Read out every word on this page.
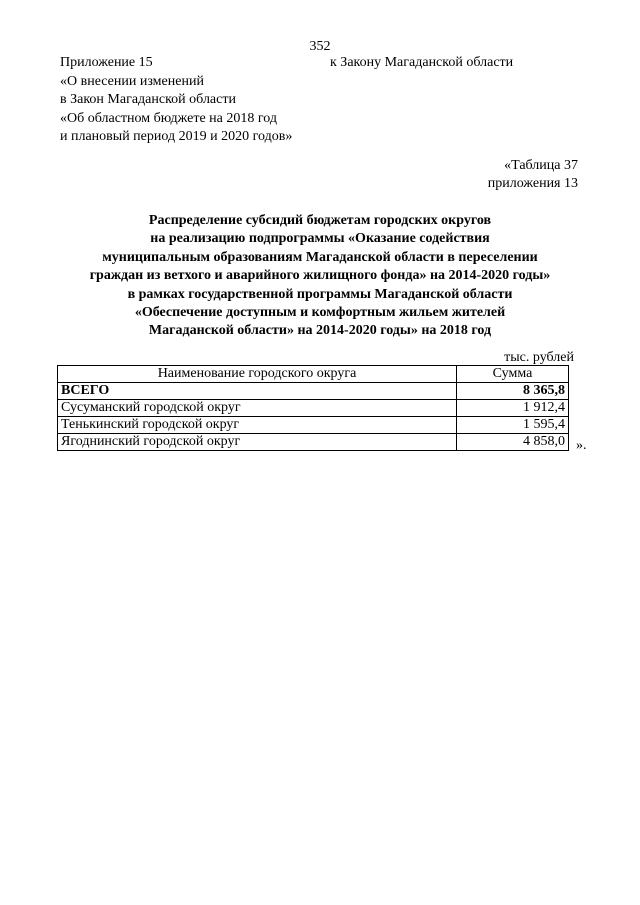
352
Приложение 15
«О внесении изменений
в Закон Магаданской области
«Об областном бюджете на 2018 год
и плановый период 2019 и 2020 годов»
к Закону Магаданской области
«Таблица 37
приложения 13
Распределение субсидий бюджетам городских округов
на реализацию подпрограммы «Оказание содействия
муниципальным образованиям Магаданской области в переселении
граждан из ветхого и аварийного жилищного фонда» на 2014-2020 годы»
в рамках государственной программы Магаданской области
«Обеспечение доступным и комфортным жильем жителей
Магаданской области» на 2014-2020 годы» на 2018 год
тыс. рублей
Наименование городского округа	Сумма
ВСЕГО	8 365,8
Сусуманский городской округ	1 912,4
Тенькинский городской округ	1 595,4
Ягоднинский городской округ	4 858,0 ».
